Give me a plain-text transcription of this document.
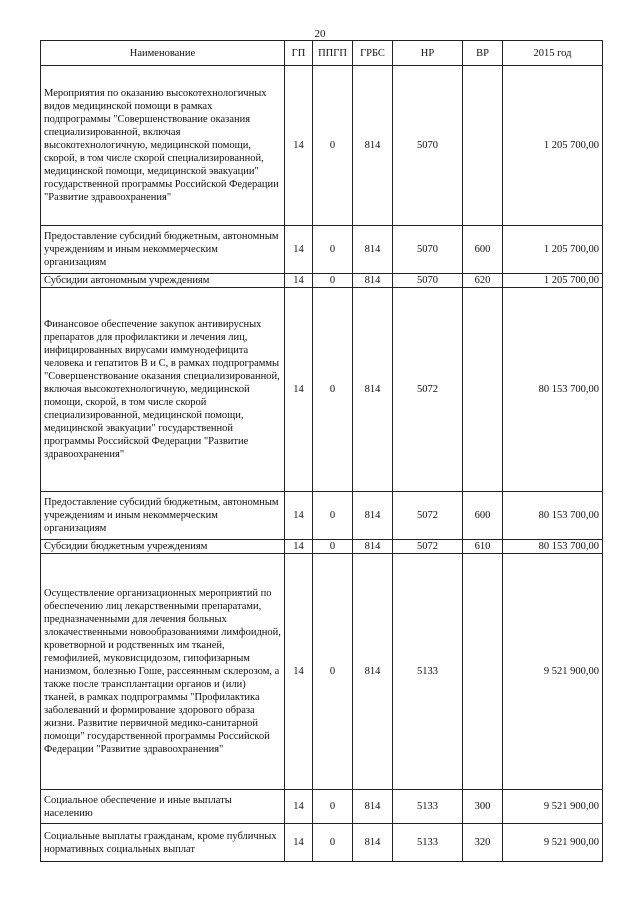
20
Наименование	ГП	ППГП	ГРБС	НР	ВР	2015 год
Мероприятия по оказанию высокотехнологичных видов медицинской помощи в рамках подпрограммы "Совершенствование оказания специализированной, включая высокотехнологичную, медицинской помощи, скорой, в том числе скорой специализированной, медицинской помощи, медицинской эвакуации" государственной программы Российской Федерации "Развитие здравоохранения"	14	0	814	5070		1 205 700,00
Предоставление субсидий бюджетным, автономным учреждениям и иным некоммерческим организациям	14	0	814	5070	600	1 205 700,00
Субсидии автономным учреждениям	14	0	814	5070	620	1 205 700,00
Финансовое обеспечение закупок антивирусных препаратов для профилактики и лечения лиц, инфицированных вирусами иммунодефицита человека и гепатитов В и С, в рамках подпрограммы "Совершенствование оказания специализированной, включая высокотехнологичную, медицинской помощи, скорой, в том числе скорой специализированной, медицинской помощи, медицинской эвакуации" государственной программы Российской Федерации "Развитие здравоохранения"	14	0	814	5072		80 153 700,00
Предоставление субсидий бюджетным, автономным учреждениям и иным некоммерческим организациям	14	0	814	5072	600	80 153 700,00
Субсидии бюджетным учреждениям	14	0	814	5072	610	80 153 700,00
Осуществление организационных мероприятий по обеспечению лиц лекарственными препаратами, предназначенными для лечения больных злокачественными новообразованиями лимфоидной, кроветворной и родственных им тканей, гемофилией, муковисцидозом, гипофизарным нанизмом, болезнью Гоше, рассеянным склерозом, а также после трансплантации органов и (или) тканей, в рамках подпрограммы "Профилактика заболеваний и формирование здорового образа жизни. Развитие первичной медико-санитарной помощи" государственной программы Российской Федерации "Развитие здравоохранения"	14	0	814	5133		9 521 900,00
Социальное обеспечение и иные выплаты населению	14	0	814	5133	300	9 521 900,00
Социальные выплаты гражданам, кроме публичных нормативных социальных выплат	14	0	814	5133	320	9 521 900,00
